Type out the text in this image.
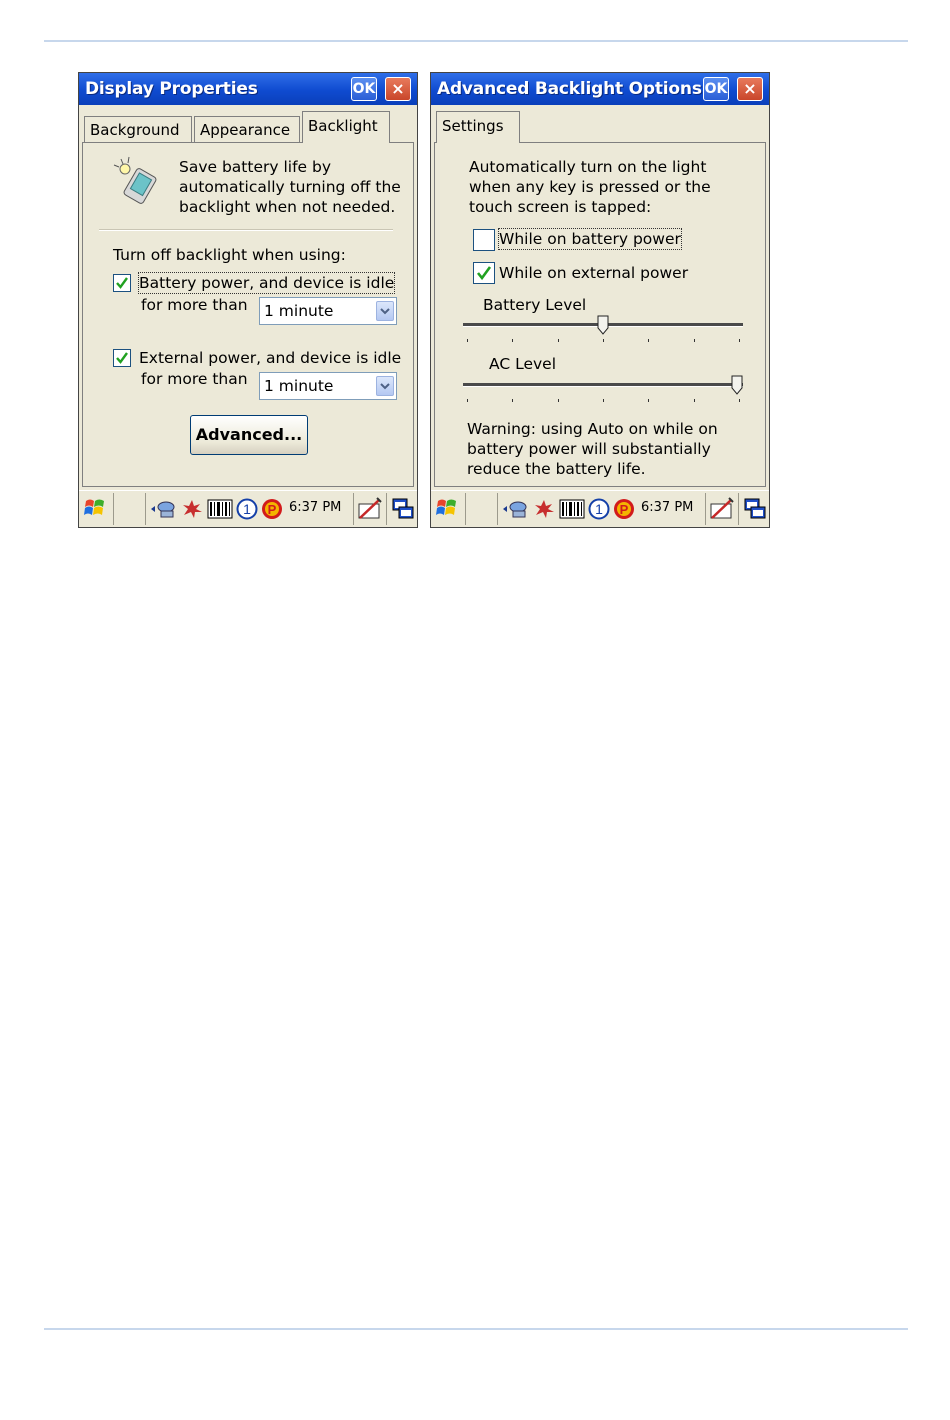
Display Properties	OK ×
Background	Appearance	Backlight
Save battery life by
automatically turning off the
backlight when not needed.
Turn off backlight when using:
Battery power, and device is idle
for more than	1 minute
External power, and device is idle
for more than	1 minute
Advanced...
1 P 6:37 PM
Advanced Backlight Options OK ×
Settings
Automatically turn on the light
when any key is pressed or the
touch screen is tapped:
While on battery power
While on external power
Battery Level
AC Level
Warning: using Auto on while on
battery power will substantially
reduce the battery life.
1 P 6:37 PM
